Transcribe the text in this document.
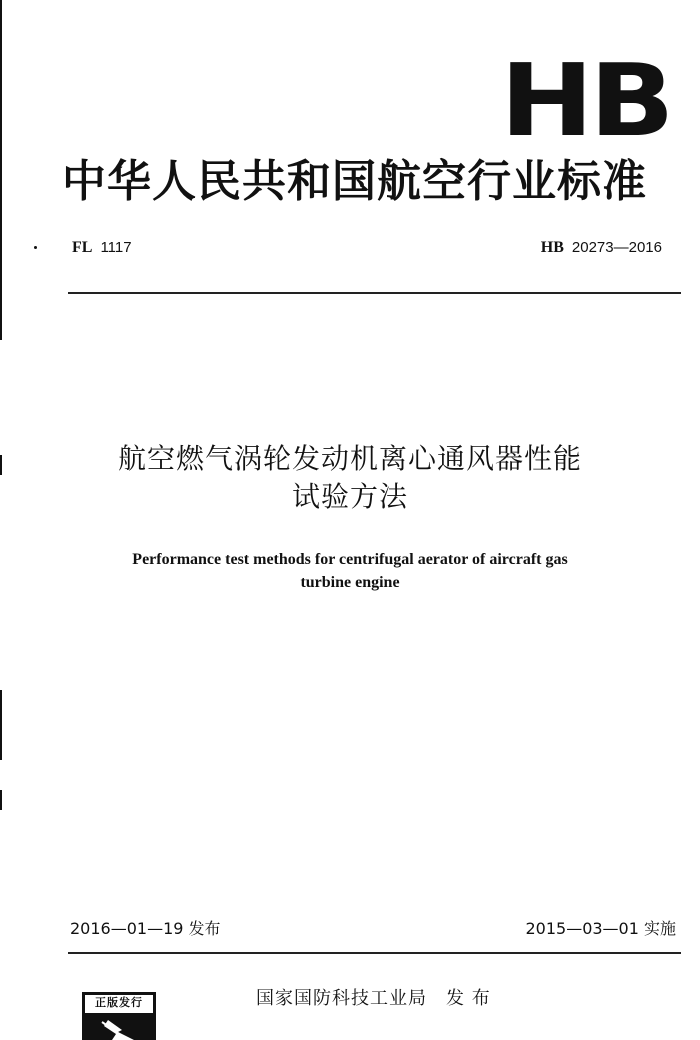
HB
中华人民共和国航空行业标准
FL 1117	HB 20273—2016
航空燃气涡轮发动机离心通风器性能
试验方法
Performance test methods for centrifugal aerator of aircraft gas
turbine engine
2016—01—19 发布	2015—03—01 实施
正版发行	国家国防科技工业局　发 布
